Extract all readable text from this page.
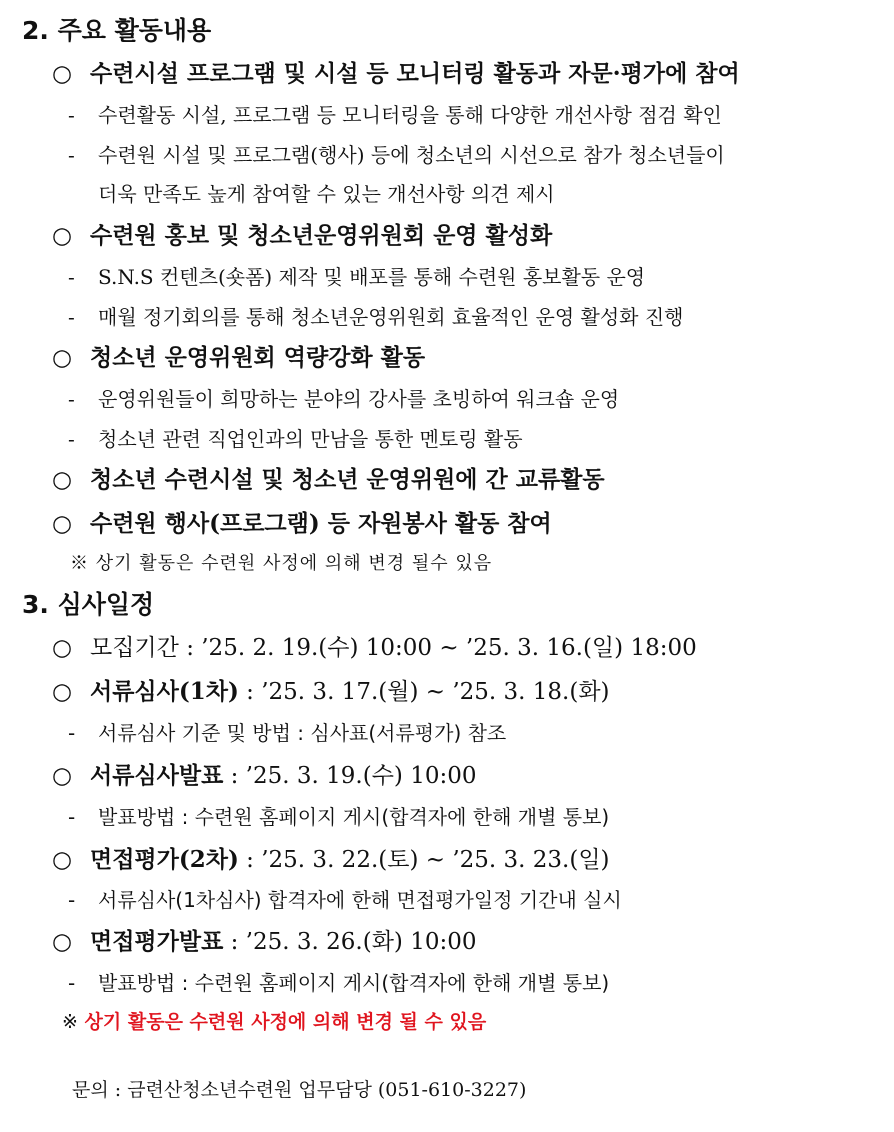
2. 주요 활동내용
○ 수련시설 프로그램 및 시설 등 모니터링 활동과 자문·평가에 참여
- 수련활동 시설, 프로그램 등 모니터링을 통해 다양한 개선사항 점검 확인
- 수련원 시설 및 프로그램(행사) 등에 청소년의 시선으로 참가 청소년들이
더욱 만족도 높게 참여할 수 있는 개선사항 의견 제시
○ 수련원 홍보 및 청소년운영위원회 운영 활성화
- S.N.S 컨텐츠(숏폼) 제작 및 배포를 통해 수련원 홍보활동 운영
- 매월 정기회의를 통해 청소년운영위원회 효율적인 운영 활성화 진행
○ 청소년 운영위원회 역량강화 활동
- 운영위원들이 희망하는 분야의 강사를 초빙하여 워크숍 운영
- 청소년 관련 직업인과의 만남을 통한 멘토링 활동
○ 청소년 수련시설 및 청소년 운영위원에 간 교류활동
○ 수련원 행사(프로그램) 등 자원봉사 활동 참여
※ 상기 활동은 수련원 사정에 의해 변경 될수 있음
3. 심사일정
○ 모집기간 : ’25. 2. 19.(수) 10:00 ~ ’25. 3. 16.(일) 18:00
○ 서류심사(1차) : ’25. 3. 17.(월) ~ ’25. 3. 18.(화)
- 서류심사 기준 및 방법 : 심사표(서류평가) 참조
○ 서류심사발표 : ’25. 3. 19.(수) 10:00
- 발표방법 : 수련원 홈페이지 게시(합격자에 한해 개별 통보)
○ 면접평가(2차) : ’25. 3. 22.(토) ~ ’25. 3. 23.(일)
- 서류심사(1차심사) 합격자에 한해 면접평가일정 기간내 실시
○ 면접평가발표 : ’25. 3. 26.(화) 10:00
- 발표방법 : 수련원 홈페이지 게시(합격자에 한해 개별 통보)
※ 상기 활동은 수련원 사정에 의해 변경 될 수 있음
문의 : 금련산청소년수련원 업무담당 (051-610-3227)
